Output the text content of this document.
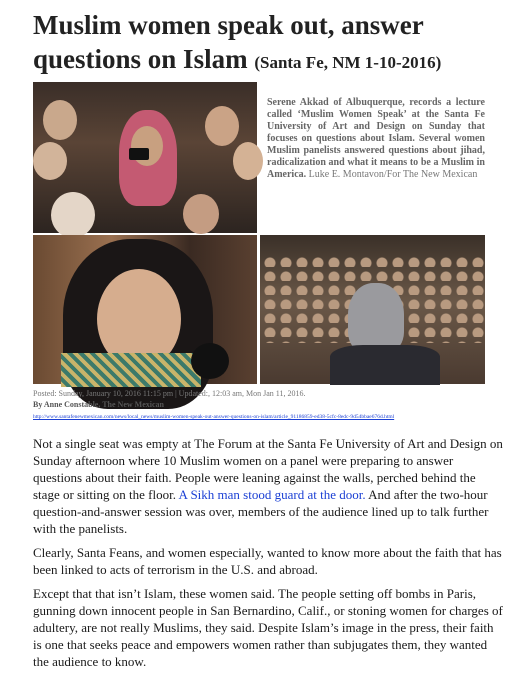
Muslim women speak out, answer questions on Islam (Santa Fe, NM 1-10-2016)

Serene Akkad of Albuquerque, records a lecture called ‘Muslim Women Speak’ at the Santa Fe University of Art and Design on Sunday that focuses on questions about Islam. Several women Muslim panelists answered questions about jihad, radicalization and what it means to be a Muslim in America. Luke E. Montavon/For The New Mexican

Posted: Sunday, January 10, 2016 11:15 pm | Updated:, 12:03 am, Mon Jan 11, 2016.
By Anne Constable, The New Mexican
http://www.santafenewmexican.com/news/local_news/muslim-women-speak-out-answer-questions-on-islam/article_91186859-ed38-5cfc-8edc-9d54bbae676d.html

Not a single seat was empty at The Forum at the Santa Fe University of Art and Design on Sunday afternoon where 10 Muslim women on a panel were preparing to answer questions about their faith. People were leaning against the walls, perched behind the stage or sitting on the floor. A Sikh man stood guard at the door. And after the two-hour question-and-answer session was over, members of the audience lined up to talk further with the panelists.

Clearly, Santa Feans, and women especially, wanted to know more about the faith that has been linked to acts of terrorism in the U.S. and abroad.

Except that that isn’t Islam, these women said. The people setting off bombs in Paris, gunning down innocent people in San Bernardino, Calif., or stoning women for charges of adultery, are not really Muslims, they said. Despite Islam’s image in the press, their faith is one that seeks peace and empowers women rather than subjugates them, they wanted the audience to know.
